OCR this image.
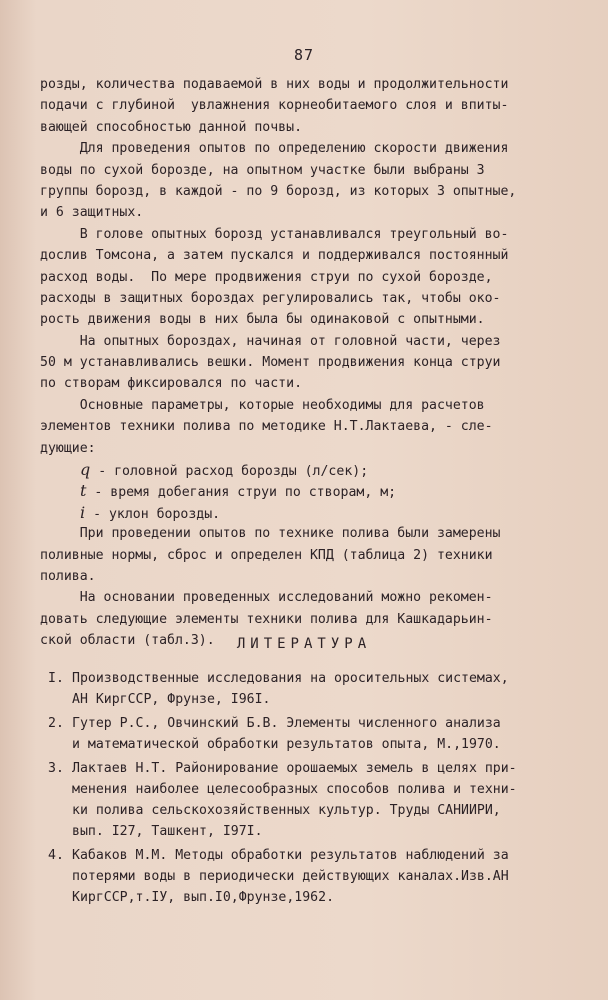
87
розды, количества подаваемой в них воды и продолжительности
подачи с глубиной  увлажнения корнеобитаемого слоя и впиты-
вающей способностью данной почвы.
Для проведения опытов по определению скорости движения
воды по сухой борозде, на опытном участке были выбраны 3
группы борозд, в каждой - по 9 борозд, из которых 3 опытные,
и 6 защитных.
В голове опытных борозд устанавливался треугольный во-
дослив Томсона, а затем пускался и поддерживался постоянный
расход воды.  По мере продвижения струи по сухой борозде,
расходы в защитных бороздах регулировались так, чтобы око-
рость движения воды в них была бы одинаковой с опытными.
На опытных бороздах, начиная от головной части, через
50 м устанавливались вешки. Момент продвижения конца струи
по створам фиксировался по части.
Основные параметры, которые необходимы для расчетов
элементов техники полива по методике Н.Т.Лактаева, - сле-
дующие:
q - головной расход борозды (л/сек);
t - время добегания струи по створам, м;
i - уклон борозды.
При проведении опытов по технике полива были замерены
поливные нормы, сброс и определен КПД (таблица 2) техники
полива.
На основании проведенных исследований можно рекомен-
довать следующие элементы техники полива для Кашкадарьин-
ской области (табл.3).	ЛИТЕРАТУРА
I. Производственные исследования на оросительных системах,
АН КиргССР, Фрунзе, I96I.
2. Гутер Р.С., Овчинский Б.В. Элементы численного анализа
и математической обработки результатов опыта, М.,1970.
3. Лактаев Н.Т. Районирование орошаемых земель в целях при-
менения наиболее целесообразных способов полива и техни-
ки полива сельскохозяйственных культур. Труды САНИИРИ,
вып. I27, Ташкент, I97I.
4. Кабаков М.М. Методы обработки результатов наблюдений за
потерями воды в периодически действующих каналах.Изв.АН
КиргССР,т.IУ, вып.I0,Фрунзе,1962.
